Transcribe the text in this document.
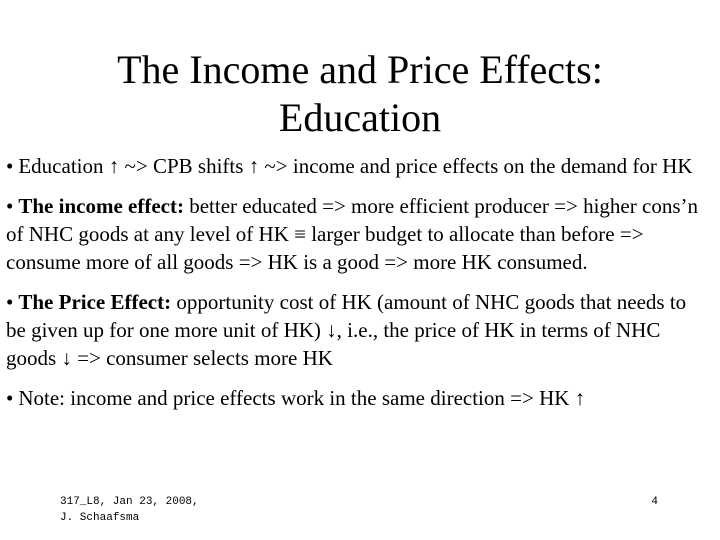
The Income and Price Effects:
Education
• Education ↑ ~> CPB shifts ↑ ~> income and price effects on the demand for HK
• The income effect: better educated => more efficient producer => higher cons’n of NHC goods at any level of HK ≡ larger budget to allocate than before => consume more of all goods => HK is a good => more HK consumed.
• The Price Effect: opportunity cost of HK (amount of NHC goods that needs to be given up for one more unit of HK) ↓, i.e., the price of HK in terms of NHC goods ↓ => consumer selects more HK
• Note: income and price effects work in the same direction => HK ↑
317_L8, Jan 23, 2008,
J. Schaafsma
4
